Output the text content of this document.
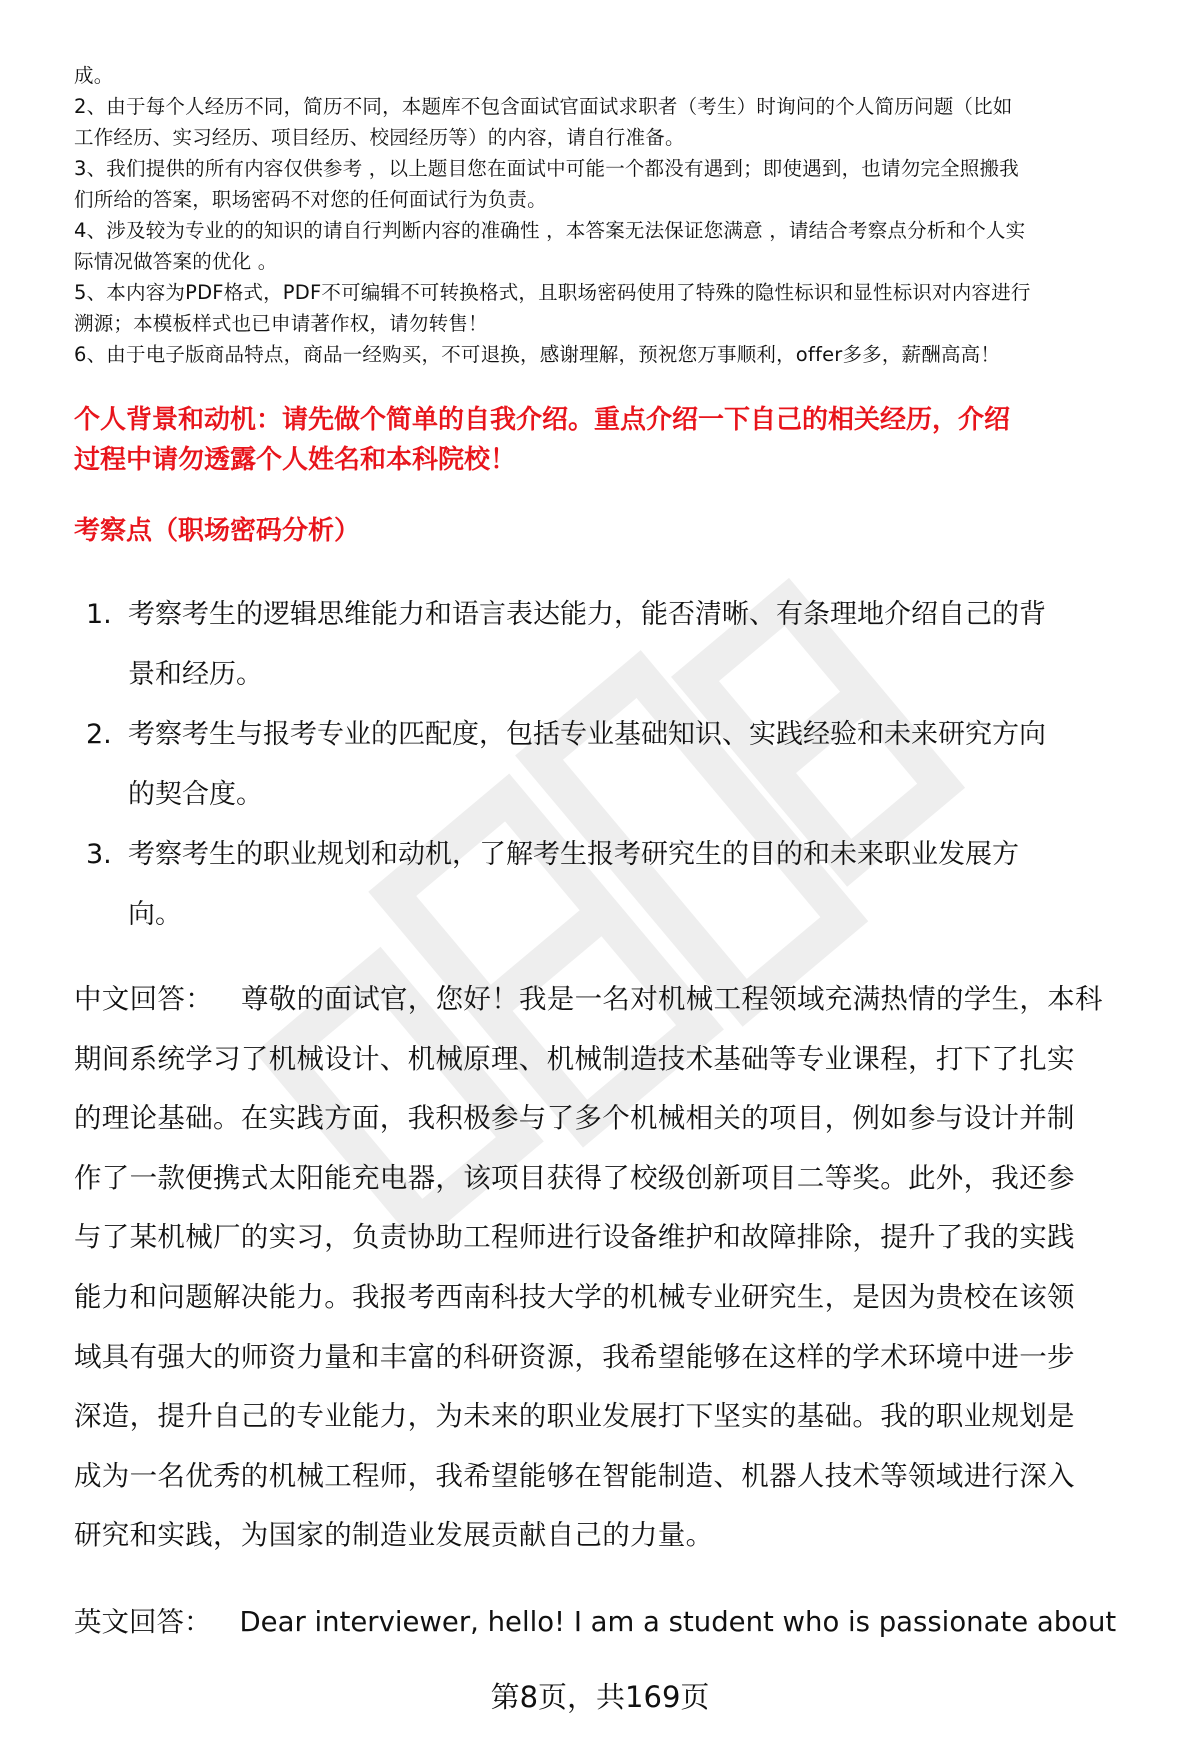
成。
2、由于每个人经历不同，简历不同，本题库不包含面试官面试求职者（考生）时询问的个人简历问题（比如
工作经历、实习经历、项目经历、校园经历等）的内容，请自行准备。
3、我们提供的所有内容仅供参考 ，以上题目您在面试中可能一个都没有遇到；即使遇到，也请勿完全照搬我
们所给的答案，职场密码不对您的任何面试行为负责。
4、涉及较为专业的的知识的请自行判断内容的准确性 ，本答案无法保证您满意 ，请结合考察点分析和个人实
际情况做答案的优化 。
5、本内容为PDF格式，PDF不可编辑不可转换格式，且职场密码使用了特殊的隐性标识和显性标识对内容进行
溯源；本模板样式也已申请著作权，请勿转售！
6、由于电子版商品特点，商品一经购买，不可退换，感谢理解，预祝您万事顺利，offer多多，薪酬高高！
个人背景和动机：请先做个简单的自我介绍。重点介绍一下自己的相关经历，介绍
过程中请勿透露个人姓名和本科院校！
考察点（职场密码分析）
1. 考察考生的逻辑思维能力和语言表达能力，能否清晰、有条理地介绍自己的背
景和经历。
2. 考察考生与报考专业的匹配度，包括专业基础知识、实践经验和未来研究方向
的契合度。
3. 考察考生的职业规划和动机，了解考生报考研究生的目的和未来职业发展方
向。
中文回答： 尊敬的面试官，您好！我是一名对机械工程领域充满热情的学生，本科
期间系统学习了机械设计、机械原理、机械制造技术基础等专业课程，打下了扎实
的理论基础。在实践方面，我积极参与了多个机械相关的项目，例如参与设计并制
作了一款便携式太阳能充电器，该项目获得了校级创新项目二等奖。此外，我还参
与了某机械厂的实习，负责协助工程师进行设备维护和故障排除，提升了我的实践
能力和问题解决能力。我报考西南科技大学的机械专业研究生，是因为贵校在该领
域具有强大的师资力量和丰富的科研资源，我希望能够在这样的学术环境中进一步
深造，提升自己的专业能力，为未来的职业发展打下坚实的基础。我的职业规划是
成为一名优秀的机械工程师，我希望能够在智能制造、机器人技术等领域进行深入
研究和实践，为国家的制造业发展贡献自己的力量。
英文回答： Dear interviewer, hello! I am a student who is passionate about
第8页，共169页
